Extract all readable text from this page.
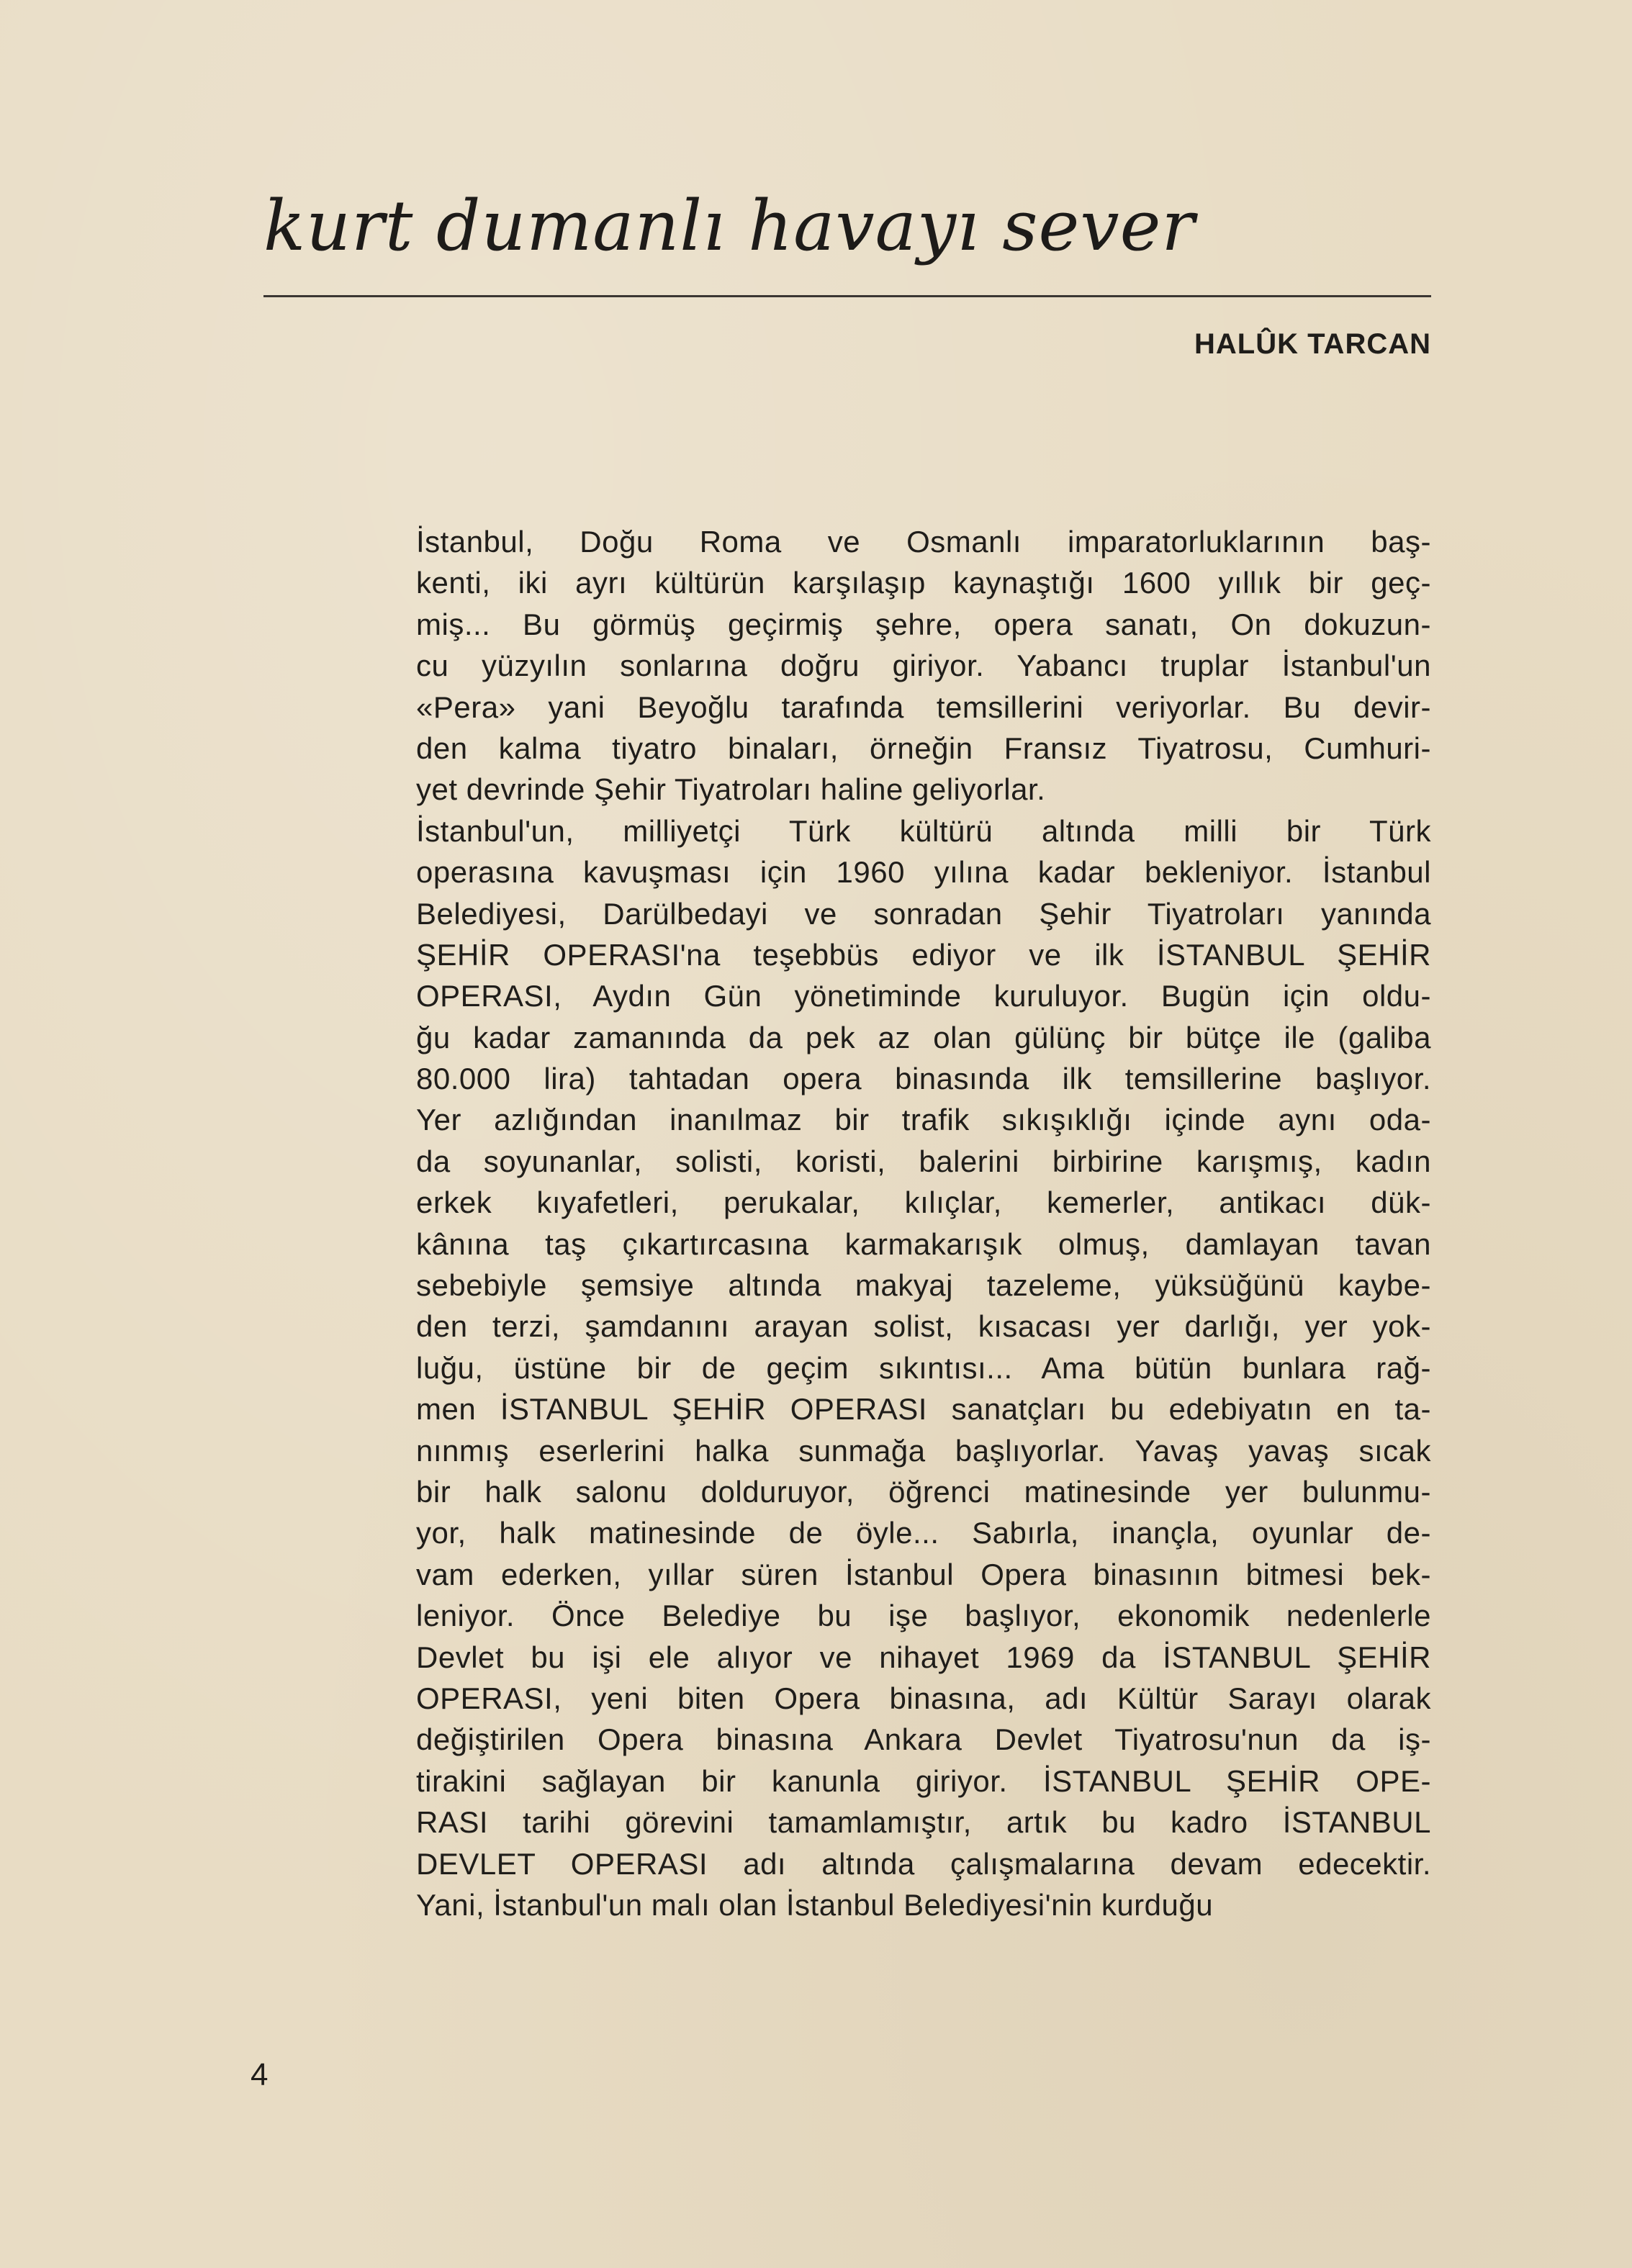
kurt dumanlı havayı sever
HALÛK TARCAN
İstanbul, Doğu Roma ve Osmanlı imparatorluklarının baş-
kenti, iki ayrı kültürün karşılaşıp kaynaştığı 1600 yıllık bir geç-
miş... Bu görmüş geçirmiş şehre, opera sanatı, On dokuzun-
cu yüzyılın sonlarına doğru giriyor. Yabancı truplar İstanbul'un
«Pera» yani Beyoğlu tarafında temsillerini veriyorlar. Bu devir-
den kalma tiyatro binaları, örneğin Fransız Tiyatrosu, Cumhuri-
yet devrinde Şehir Tiyatroları haline geliyorlar.
İstanbul'un, milliyetçi Türk kültürü altında milli bir Türk
operasına kavuşması için 1960 yılına kadar bekleniyor. İstanbul
Belediyesi, Darülbedayi ve sonradan Şehir Tiyatroları yanında
ŞEHİR OPERASI'na teşebbüs ediyor ve ilk İSTANBUL ŞEHİR
OPERASI, Aydın Gün yönetiminde kuruluyor. Bugün için oldu-
ğu kadar zamanında da pek az olan gülünç bir bütçe ile (galiba
80.000 lira) tahtadan opera binasında ilk temsillerine başlıyor.
Yer azlığından inanılmaz bir trafik sıkışıklığı içinde aynı oda-
da soyunanlar, solisti, koristi, balerini birbirine karışmış, kadın
erkek kıyafetleri, perukalar, kılıçlar, kemerler, antikacı dük-
kânına taş çıkartırcasına karmakarışık olmuş, damlayan tavan
sebebiyle şemsiye altında makyaj tazeleme, yüksüğünü kaybe-
den terzi, şamdanını arayan solist, kısacası yer darlığı, yer yok-
luğu, üstüne bir de geçim sıkıntısı... Ama bütün bunlara rağ-
men İSTANBUL ŞEHİR OPERASI sanatçları bu edebiyatın en ta-
nınmış eserlerini halka sunmağa başlıyorlar. Yavaş yavaş sıcak
bir halk salonu dolduruyor, öğrenci matinesinde yer bulunmu-
yor, halk matinesinde de öyle... Sabırla, inançla, oyunlar de-
vam ederken, yıllar süren İstanbul Opera binasının bitmesi bek-
leniyor. Önce Belediye bu işe başlıyor, ekonomik nedenlerle
Devlet bu işi ele alıyor ve nihayet 1969 da İSTANBUL ŞEHİR
OPERASI, yeni biten Opera binasına, adı Kültür Sarayı olarak
değiştirilen Opera binasına Ankara Devlet Tiyatrosu'nun da iş-
tirakini sağlayan bir kanunla giriyor. İSTANBUL ŞEHİR OPE-
RASI tarihi görevini tamamlamıştır, artık bu kadro İSTANBUL
DEVLET OPERASI adı altında çalışmalarına devam edecektir.
Yani, İstanbul'un malı olan İstanbul Belediyesi'nin kurduğu
4
